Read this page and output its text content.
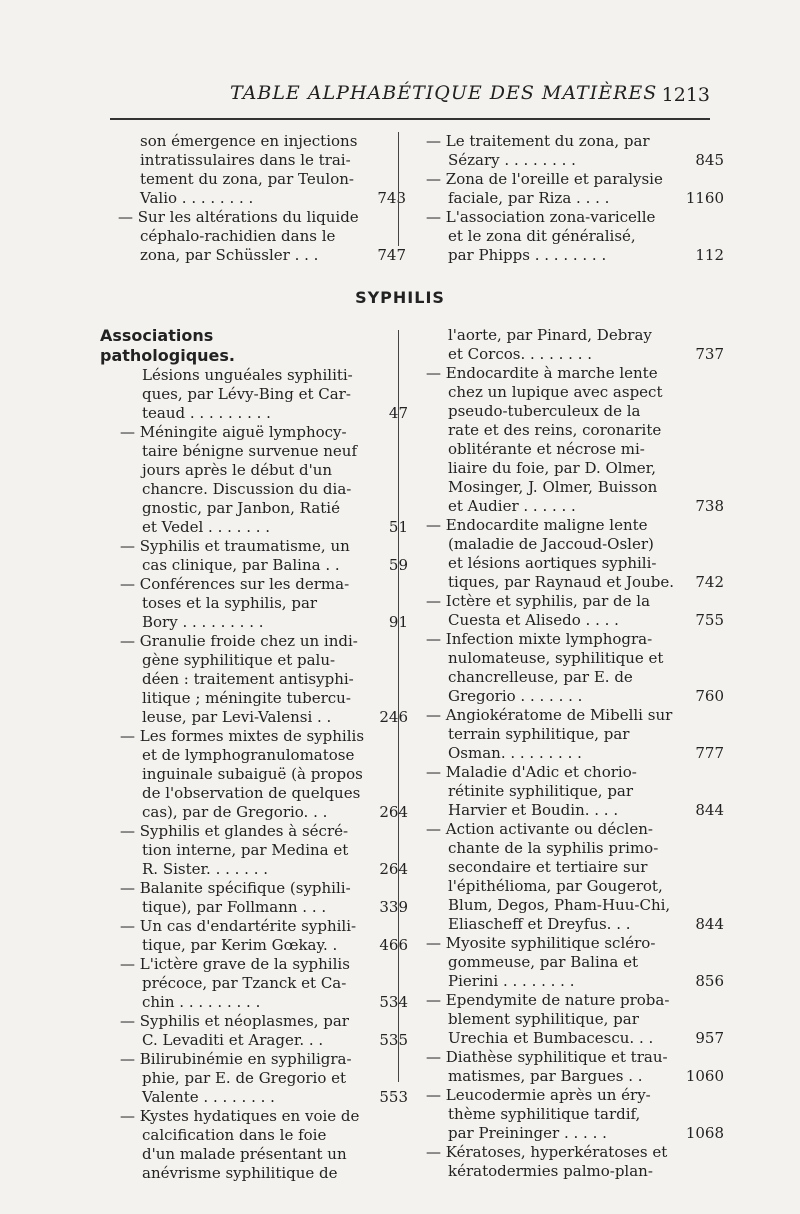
TABLE ALPHABÉTIQUE DES MATIÈRES 1213
son émergence en injections
intratissulaires dans le trai-
tement du zona, par Teulon-
Valio . . . . . . . .	743
— Sur les altérations du liquide
céphalo-rachidien dans le
zona, par Schüssler . . .	747
— Le traitement du zona, par
Sézary . . . . . . . .	845
— Zona de l'oreille et paralysie
faciale, par Riza . . . .	1160
— L'association zona-varicelle
et le zona dit généralisé,
par Phipps . . . . . . . .	112
SYPHILIS
Associations pathologiques.
Lésions unguéales syphiliti-
ques, par Lévy-Bing et Car-
teaud . . . . . . . . .	47
— Méningite aiguë lymphocy-
taire bénigne survenue neuf
jours après le début d'un
chancre. Discussion du dia-
gnostic, par Janbon, Ratié
et Vedel . . . . . . .	51
— Syphilis et traumatisme, un
cas clinique, par Balina . .	59
— Conférences sur les derma-
toses et la syphilis, par
Bory . . . . . . . . .	91
— Granulie froide chez un indi-
gène syphilitique et palu-
déen : traitement antisyphi-
litique ; méningite tubercu-
leuse, par Levi-Valensi . .	246
— Les formes mixtes de syphilis
et de lymphogranulomatose
inguinale subaiguë (à propos
de l'observation de quelques
cas), par de Gregorio. . .	264
— Syphilis et glandes à sécré-
tion interne, par Medina et
R. Sister. . . . . . .	264
— Balanite spécifique (syphili-
tique), par Follmann . . .	339
— Un cas d'endartérite syphili-
tique, par Kerim Gœkay. .	466
— L'ictère grave de la syphilis
précoce, par Tzanck et Ca-
chin . . . . . . . . .	534
— Syphilis et néoplasmes, par
C. Levaditi et Arager. . .	535
— Bilirubinémie en syphiligra-
phie, par E. de Gregorio et
Valente . . . . . . . .	553
— Kystes hydatiques en voie de
calcification dans le foie
d'un malade présentant un
anévrisme syphilitique de
l'aorte, par Pinard, Debray
et Corcos. . . . . . . .	737
— Endocardite à marche lente
chez un lupique avec aspect
pseudo-tuberculeux de la
rate et des reins, coronarite
oblitérante et nécrose mi-
liaire du foie, par D. Olmer,
Mosinger, J. Olmer, Buisson
et Audier . . . . . .	738
— Endocardite maligne lente
(maladie de Jaccoud-Osler)
et lésions aortiques syphili-
tiques, par Raynaud et Joube. 742
— Ictère et syphilis, par de la
Cuesta et Alisedo . . . .	755
— Infection mixte lymphogra-
nulomateuse, syphilitique et
chancrelleuse, par E. de
Gregorio . . . . . . .	760
— Angiokératome de Mibelli sur
terrain syphilitique, par
Osman. . . . . . . . .	777
— Maladie d'Adic et chorio-
rétinite syphilitique, par
Harvier et Boudin. . . .	844
— Action activante ou déclen-
chante de la syphilis primo-
secondaire et tertiaire sur
l'épithélioma, par Gougerot,
Blum, Degos, Pham-Huu-Chi,
Eliascheff et Dreyfus. . .	844
— Myosite syphilitique scléro-
gommeuse, par Balina et
Pierini . . . . . . . .	856
— Ependymite de nature proba-
blement syphilitique, par
Urechia et Bumbacescu. . .	957
— Diathèse syphilitique et trau-
matismes, par Bargues . .	1060
— Leucodermie après un éry-
thème syphilitique tardif,
par Preininger . . . . .	1068
— Kératoses, hyperkératoses et
kératodermies palmo-plan-
